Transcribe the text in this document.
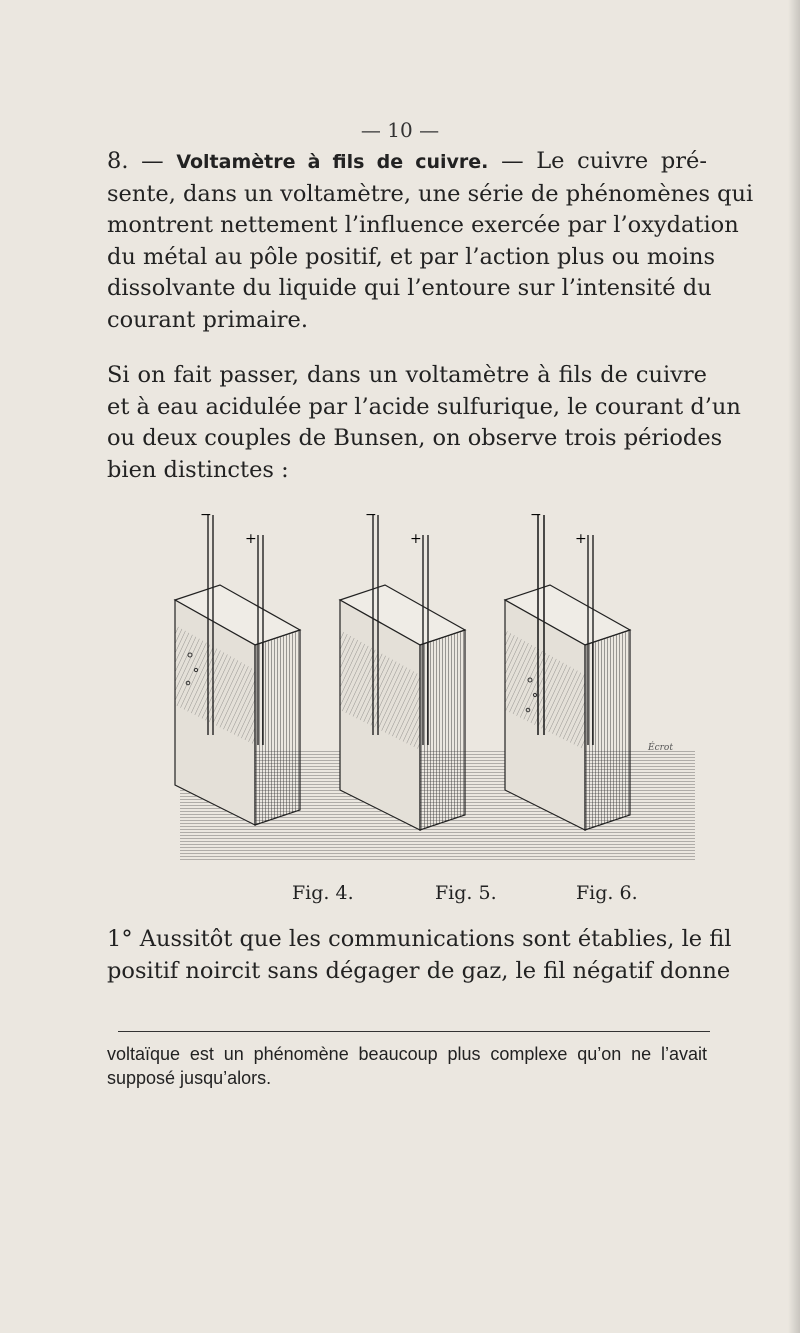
— 10 —

8. — Voltamètre à fils de cuivre. — Le cuivre pré-
sente, dans un voltamètre, une série de phénomènes qui
montrent nettement l’influence exercée par l’oxydation
du métal au pôle positif, et par l’action plus ou moins
dissolvante du liquide qui l’entoure sur l’intensité du
courant primaire.

Si on fait passer, dans un voltamètre à fils de cuivre
et à eau acidulée par l’acide sulfurique, le courant d’un
ou deux couples de Bunsen, on observe trois périodes
bien distinctes :

−
+
−
+
−
+
Écrot
Fig. 4.	Fig. 5.	Fig. 6.

1° Aussitôt que les communications sont établies, le fil
positif noircit sans dégager de gaz, le fil négatif donne

voltaïque est un phénomène beaucoup plus complexe qu’on ne l’avait
supposé jusqu’alors.
